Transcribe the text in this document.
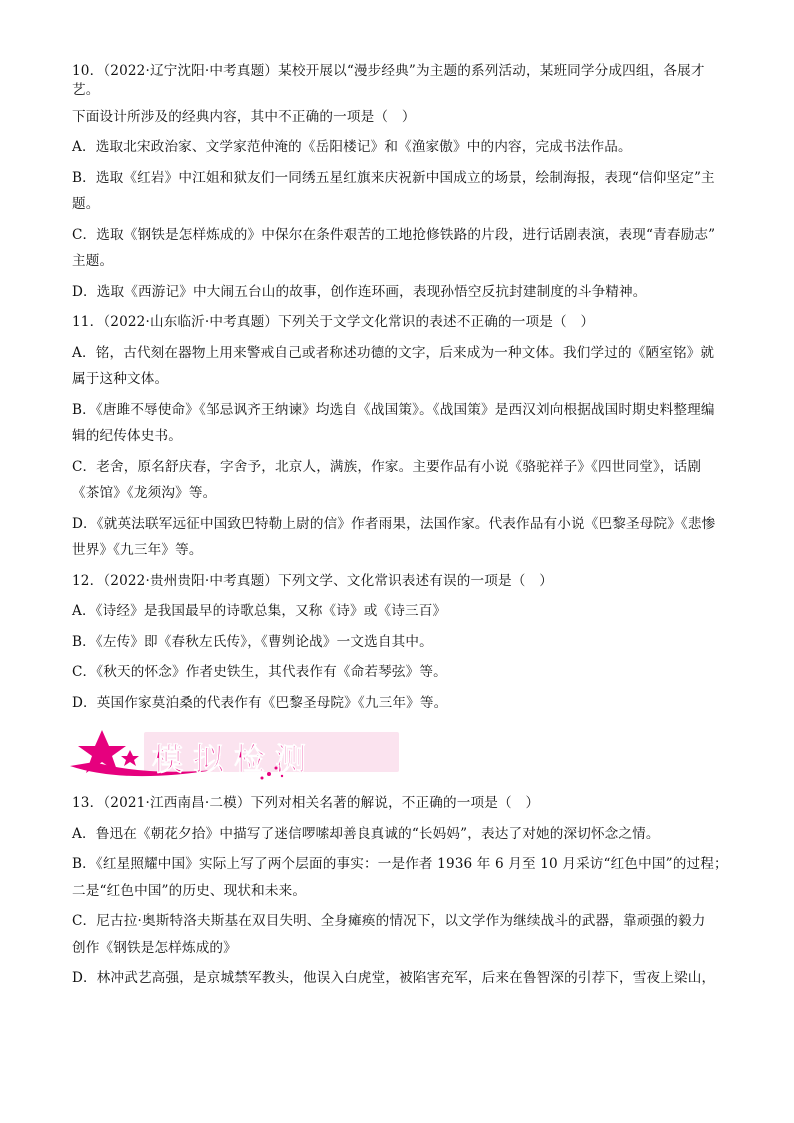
10．（2022·辽宁沈阳·中考真题）某校开展以“漫步经典”为主题的系列活动，某班同学分成四组，各展才艺。

下面设计所涉及的经典内容，其中不正确的一项是（　）

A．选取北宋政治家、文学家范仲淹的《岳阳楼记》和《渔家傲》中的内容，完成书法作品。

B．选取《红岩》中江姐和狱友们一同绣五星红旗来庆祝新中国成立的场景，绘制海报，表现“信仰坚定”主

题。

C．选取《钢铁是怎样炼成的》中保尔在条件艰苦的工地抢修铁路的片段，进行话剧表演，表现“青春励志”

主题。

D．选取《西游记》中大闹五台山的故事，创作连环画，表现孙悟空反抗封建制度的斗争精神。

11．（2022·山东临沂·中考真题）下列关于文学文化常识的表述不正确的一项是（　）

A．铭，古代刻在器物上用来警戒自己或者称述功德的文字，后来成为一种文体。我们学过的《陋室铭》就

属于这种文体。

B．《唐雎不辱使命》《邹忌讽齐王纳谏》均选自《战国策》。《战国策》是西汉刘向根据战国时期史料整理编

辑的纪传体史书。

C．老舍，原名舒庆春，字舍予，北京人，满族，作家。主要作品有小说《骆驼祥子》《四世同堂》，话剧

《茶馆》《龙须沟》等。

D．《就英法联军远征中国致巴特勒上尉的信》作者雨果，法国作家。代表作品有小说《巴黎圣母院》《悲惨

世界》《九三年》等。

12．（2022·贵州贵阳·中考真题）下列文学、文化常识表述有误的一项是（　）

A．《诗经》是我国最早的诗歌总集，又称《诗》或《诗三百》

B．《左传》即《春秋左氏传》，《曹刿论战》一文选自其中。

C．《秋天的怀念》作者史铁生，其代表作有《命若琴弦》等。

D．英国作家莫泊桑的代表作有《巴黎圣母院》《九三年》等。

模拟检测

13．（2021·江西南昌·二模）下列对相关名著的解说，不正确的一项是（　）

A．鲁迅在《朝花夕拾》中描写了迷信啰嗦却善良真诚的“长妈妈”，表达了对她的深切怀念之情。

B．《红星照耀中国》实际上写了两个层面的事实：一是作者 1936 年 6 月至 10 月采访“红色中国”的过程；

二是“红色中国”的历史、现状和未来。

C．尼古拉·奥斯特洛夫斯基在双目失明、全身瘫痪的情况下，以文学作为继续战斗的武器，靠顽强的毅力

创作《钢铁是怎样炼成的》

D．林冲武艺高强，是京城禁军教头，他误入白虎堂，被陷害充军，后来在鲁智深的引荐下，雪夜上梁山，
